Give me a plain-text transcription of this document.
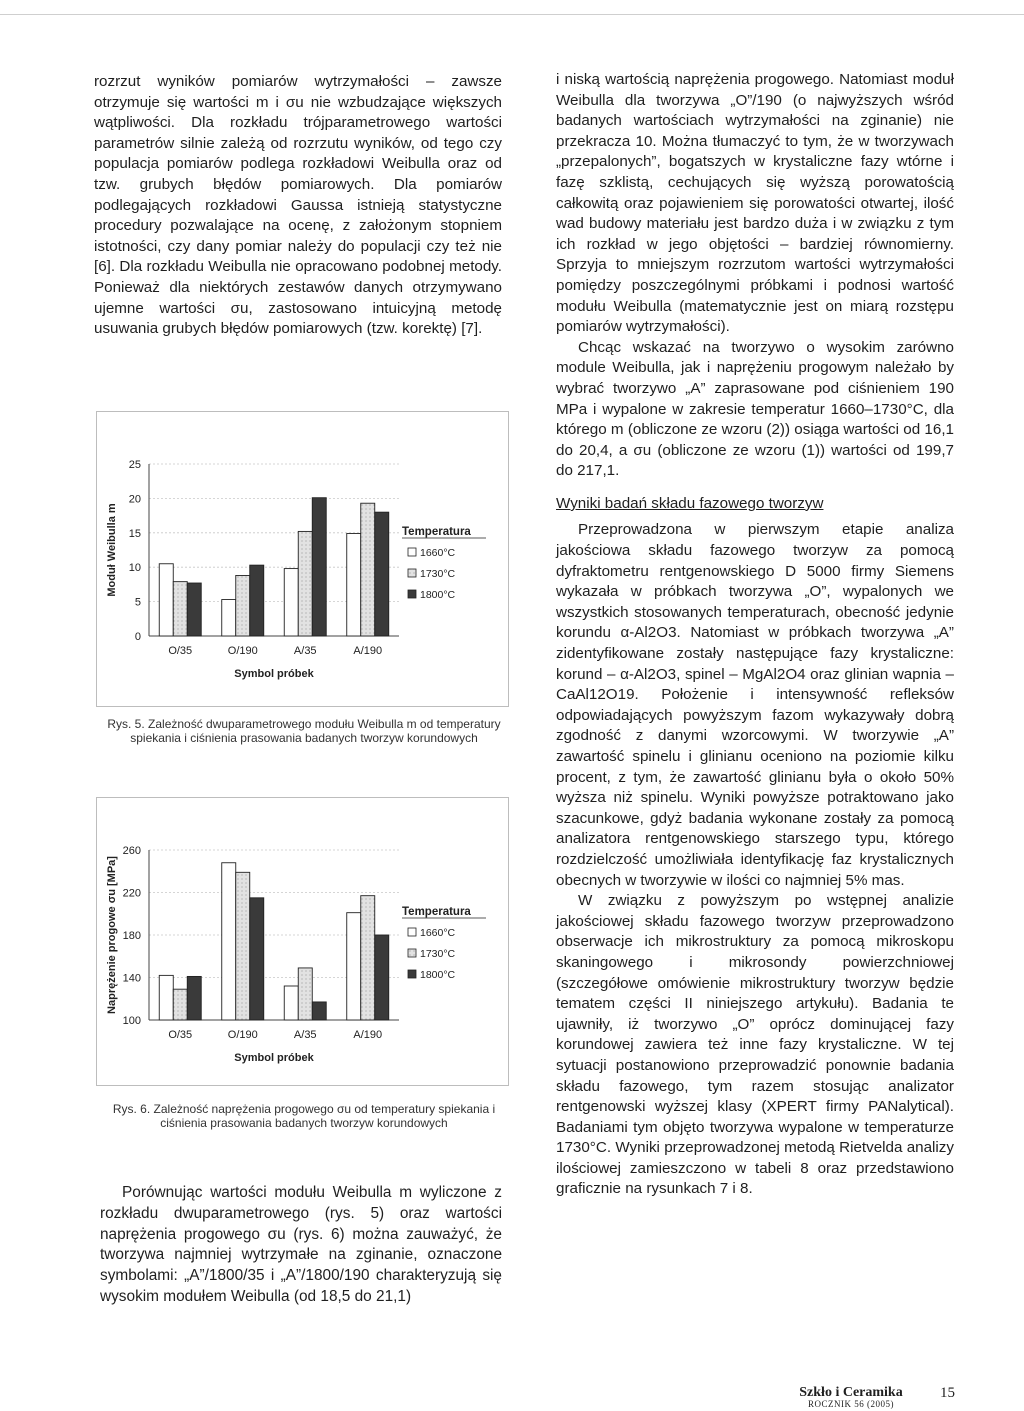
rozrzut wyników pomiarów wytrzymałości – zawsze otrzymuje się wartości m i σu nie wzbudzające większych wątpliwości. Dla rozkładu trójparametrowego wartości parametrów silnie zależą od rozrzutu wyników, od tego czy populacja pomiarów podlega rozkładowi Weibulla oraz od tzw. grubych błędów pomiarowych. Dla pomiarów podlegających rozkładowi Gaussa istnieją statystyczne procedury pozwalające na ocenę, z założonym stopniem istotności, czy dany pomiar należy do populacji czy też nie [6]. Dla rozkładu Weibulla nie opracowano podobnej metody. Ponieważ dla niektórych zestawów danych otrzymywano ujemne wartości σu, zastosowano intuicyjną metodę usuwania grubych błędów pomiarowych (tzw. korektę) [7].

0
5
10
15
20
25
O/35	O/190	A/35	A/190
Symbol próbek
Moduł Weibulla m	Temperatura
1660°C
1730°C
1800°C
Rys. 5. Zależność dwuparametrowego modułu Weibulla m od temperatury spiekania i ciśnienia prasowania badanych tworzyw korundowych
100
140
180
220
260
O/35	O/190	A/35	A/190
Symbol próbek
Naprężenie progowe σu [MPa]	Temperatura
1660°C
1730°C
1800°C
Rys. 6. Zależność naprężenia progowego σu od temperatury spiekania i ciśnienia prasowania badanych tworzyw korundowych

Porównując wartości modułu Weibulla m wyliczone z rozkładu dwuparametrowego (rys. 5) oraz wartości naprężenia progowego σu (rys. 6) można zauważyć, że tworzywa najmniej wytrzymałe na zginanie, oznaczone symbolami: „A”/1800/35 i „A”/1800/190 charakteryzują się wysokim modułem Weibulla (od 18,5 do 21,1)

i niską wartością naprężenia progowego. Natomiast moduł Weibulla dla tworzywa „O”/190 (o najwyższych wśród badanych wartościach wytrzymałości na zginanie) nie przekracza 10. Można tłumaczyć to tym, że w tworzywach „przepalonych”, bogatszych w krystaliczne fazy wtórne i fazę szklistą, cechujących się wyższą porowatością całkowitą oraz pojawieniem się porowatości otwartej, ilość wad budowy materiału jest bardzo duża i w związku z tym ich rozkład w jego objętości – bardziej równomierny. Sprzyja to mniejszym rozrzutom wartości wytrzymałości pomiędzy poszczególnymi próbkami i podnosi wartość modułu Weibulla (matematycznie jest on miarą rozstępu pomiarów wytrzymałości).

Chcąc wskazać na tworzywo o wysokim zarówno module Weibulla, jak i naprężeniu progowym należało by wybrać tworzywo „A” zaprasowane pod ciśnieniem 190 MPa i wypalone w zakresie temperatur 1660–1730°C, dla którego m (obliczone ze wzoru (2)) osiąga wartości od 16,1 do 20,4, a σu (obliczone ze wzoru (1)) wartości od 199,7 do 217,1.

Wyniki badań składu fazowego tworzyw

Przeprowadzona w pierwszym etapie analiza jakościowa składu fazowego tworzyw za pomocą dyfraktometru rentgenowskiego D 5000 firmy Siemens wykazała w próbkach tworzywa „O”, wypalonych we wszystkich stosowanych temperaturach, obecność jedynie korundu α-Al2O3. Natomiast w próbkach tworzywa „A” zidentyfikowane zostały następujące fazy krystaliczne: korund – α-Al2O3, spinel – MgAl2O4 oraz glinian wapnia – CaAl12O19. Położenie i intensywność refleksów odpowiadających powyższym fazom wykazywały dobrą zgodność z danymi wzorcowymi. W tworzywie „A” zawartość spinelu i glinianu oceniono na poziomie kilku procent, z tym, że zawartość glinianu była o około 50% wyższa niż spinelu. Wyniki powyższe potraktowano jako szacunkowe, gdyż badania wykonane zostały za pomocą analizatora rentgenowskiego starszego typu, którego rozdzielczość umożliwiała identyfikację faz krystalicznych obecnych w tworzywie w ilości co najmniej 5% mas.

W związku z powyższym po wstępnej analizie jakościowej składu fazowego tworzyw przeprowadzono obserwacje ich mikrostruktury za pomocą mikroskopu skaningowego i mikrosondy powierzchniowej (szczegółowe omówienie mikrostruktury tworzyw będzie tematem części II niniejszego artykułu). Badania te ujawniły, iż tworzywo „O” oprócz dominującej fazy korundowej zawiera też inne fazy krystaliczne. W tej sytuacji postanowiono przeprowadzić ponownie badania składu fazowego, tym razem stosując analizator rentgenowski wyższej klasy (XPERT firmy PANalytical). Badaniami tym objęto tworzywa wypalone w temperaturze 1730°C. Wyniki przeprowadzonej metodą Rietvelda analizy ilościowej zamieszczono w tabeli 8 oraz przedstawiono graficznie na rysunkach 7 i 8.

Szkło i Ceramika
ROCZNIK 56 (2005)
15
